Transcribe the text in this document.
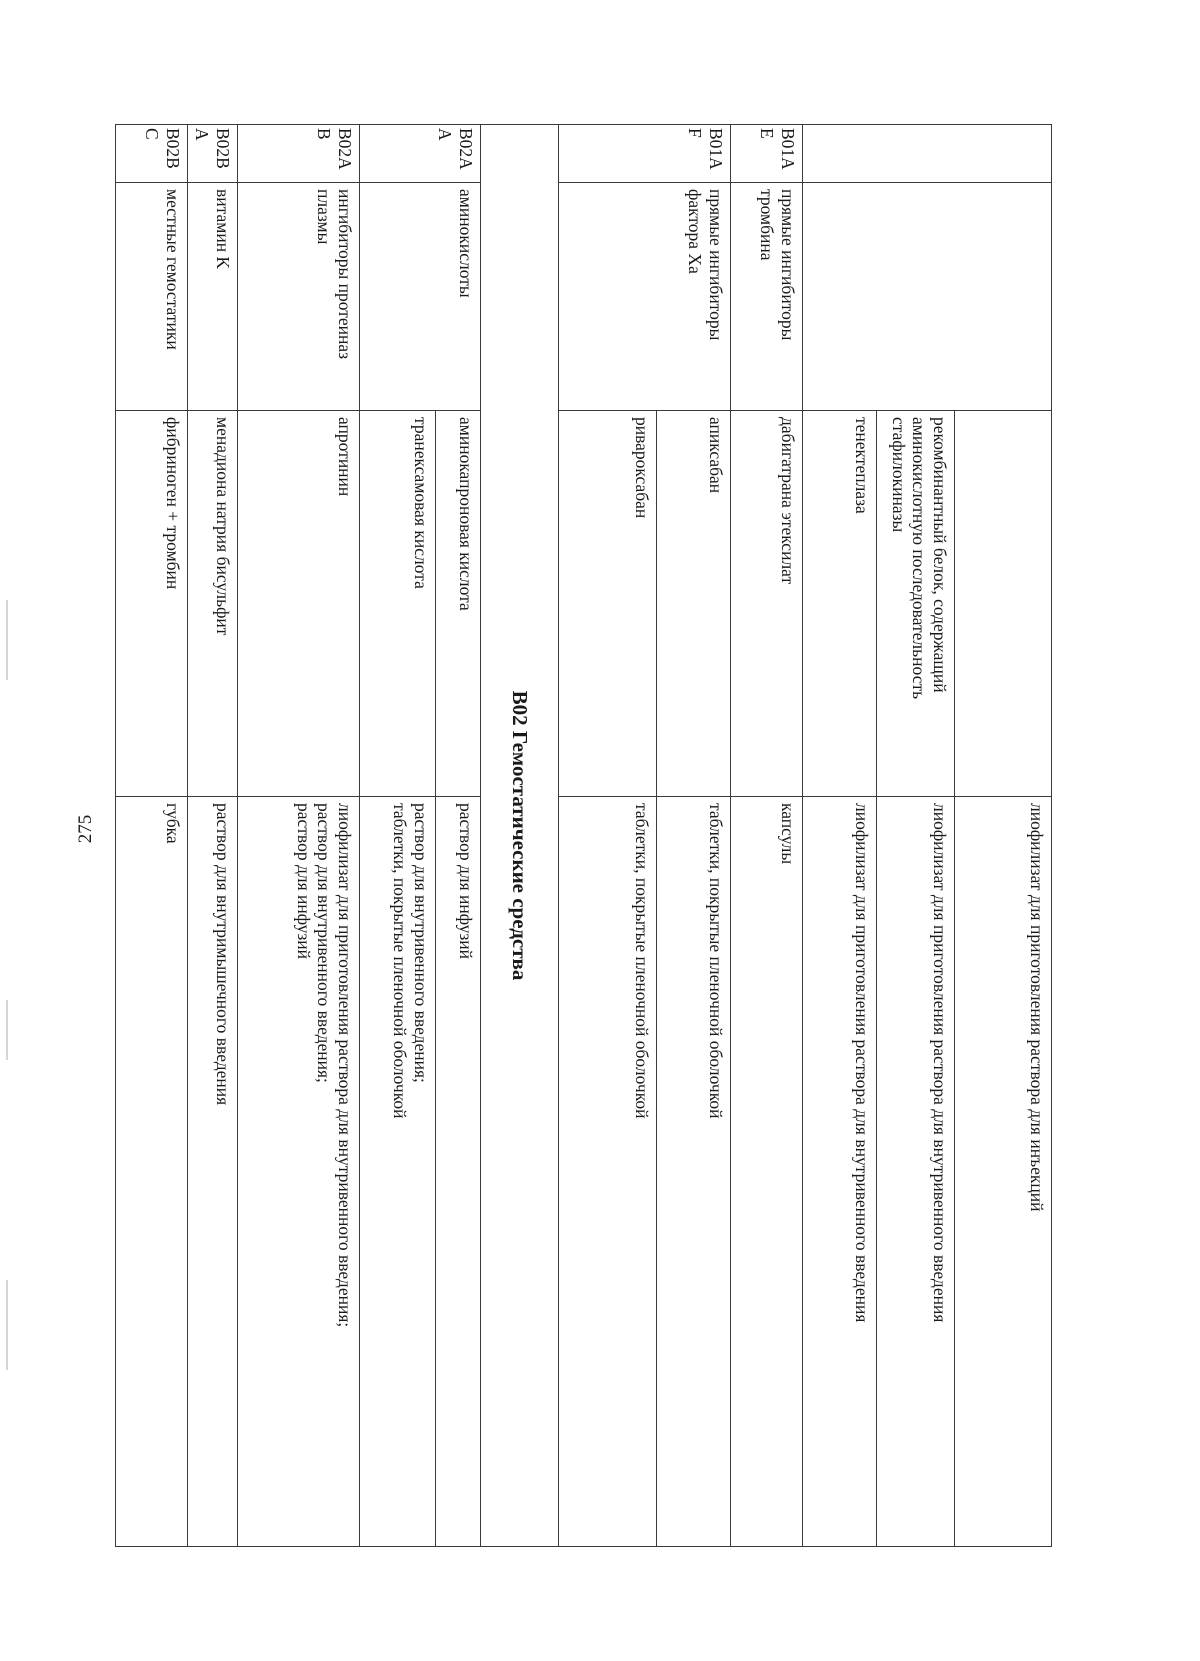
275
				лиофилизат для приготовления раствора для инъекций
		рекомбинантный белок, содержащий аминокислотную последовательность стафилокиназы	лиофилизат для приготовления раствора для внутривенного введения
		тенектеплаза	лиофилизат для приготовления раствора для внутривенного введения
B01AE	прямые ингибиторы тромбина	дабигатрана этексилат	капсулы
B01AF	прямые ингибиторы фактора Xa	апиксабан	таблетки, покрытые пленочной оболочкой
		ривароксабан	таблетки, покрытые пленочной оболочкой
B02 Гемостатические средства			
B02AA	аминокислоты	аминокапроновая кислота	раствор для инфузий
		транексамовая кислота	раствор для внутривенного введения;
таблетки, покрытые пленочной оболочкой
B02AB	ингибиторы протеиназ плазмы	апротинин	лиофилизат для приготовления раствора для внутривенного введения;
раствор для внутривенного введения;
раствор для инфузий
B02BA	витамин K	менадиона натрия бисульфит	раствор для внутримышечного введения
B02BC	местные гемостатики	фибриноген + тромбин	губка
